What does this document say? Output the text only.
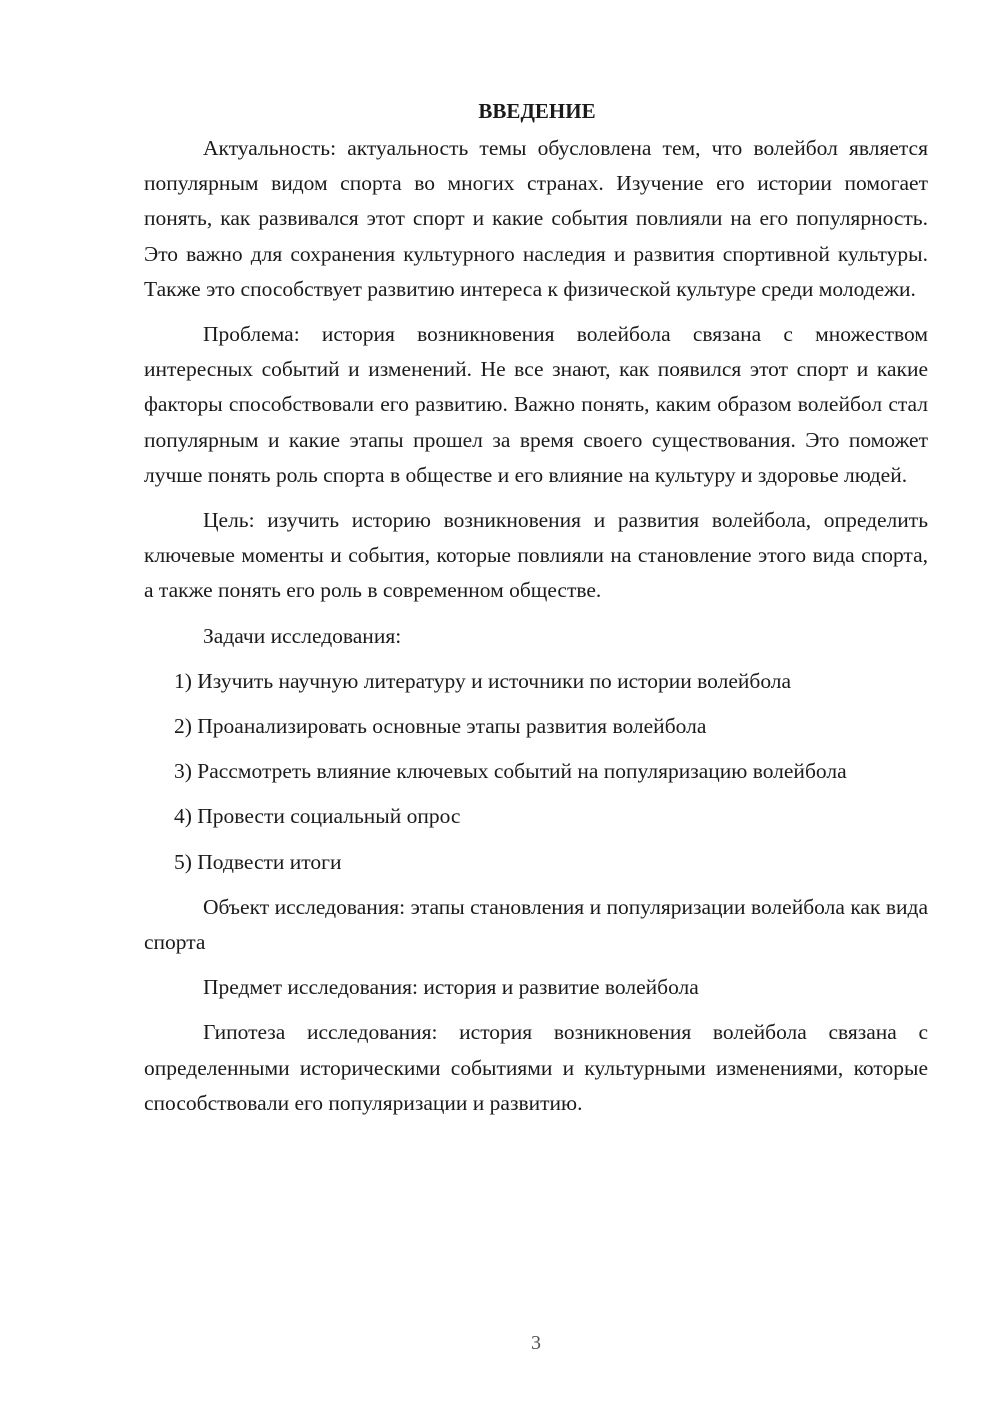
ВВЕДЕНИЕ

Актуальность: актуальность темы обусловлена тем, что волейбол является популярным видом спорта во многих странах. Изучение его истории помогает понять, как развивался этот спорт и какие события повлияли на его популярность. Это важно для сохранения культурного наследия и развития спортивной культуры. Также это способствует развитию интереса к физической культуре среди молодежи.

Проблема: история возникновения волейбола связана с множеством интересных событий и изменений. Не все знают, как появился этот спорт и какие факторы способствовали его развитию. Важно понять, каким образом волейбол стал популярным и какие этапы прошел за время своего существования. Это поможет лучше понять роль спорта в обществе и его влияние на культуру и здоровье людей.

Цель: изучить историю возникновения и развития волейбола, определить ключевые моменты и события, которые повлияли на становление этого вида спорта, а также понять его роль в современном обществе.

Задачи исследования:

1) Изучить научную литературу и источники по истории волейбола

2) Проанализировать основные этапы развития волейбола

3) Рассмотреть влияние ключевых событий на популяризацию волейбола

4) Провести социальный опрос

5) Подвести итоги

Объект исследования: этапы становления и популяризации волейбола как вида спорта

Предмет исследования: история и развитие волейбола

Гипотеза исследования: история возникновения волейбола связана с определенными историческими событиями и культурными изменениями, которые способствовали его популяризации и развитию.

3
